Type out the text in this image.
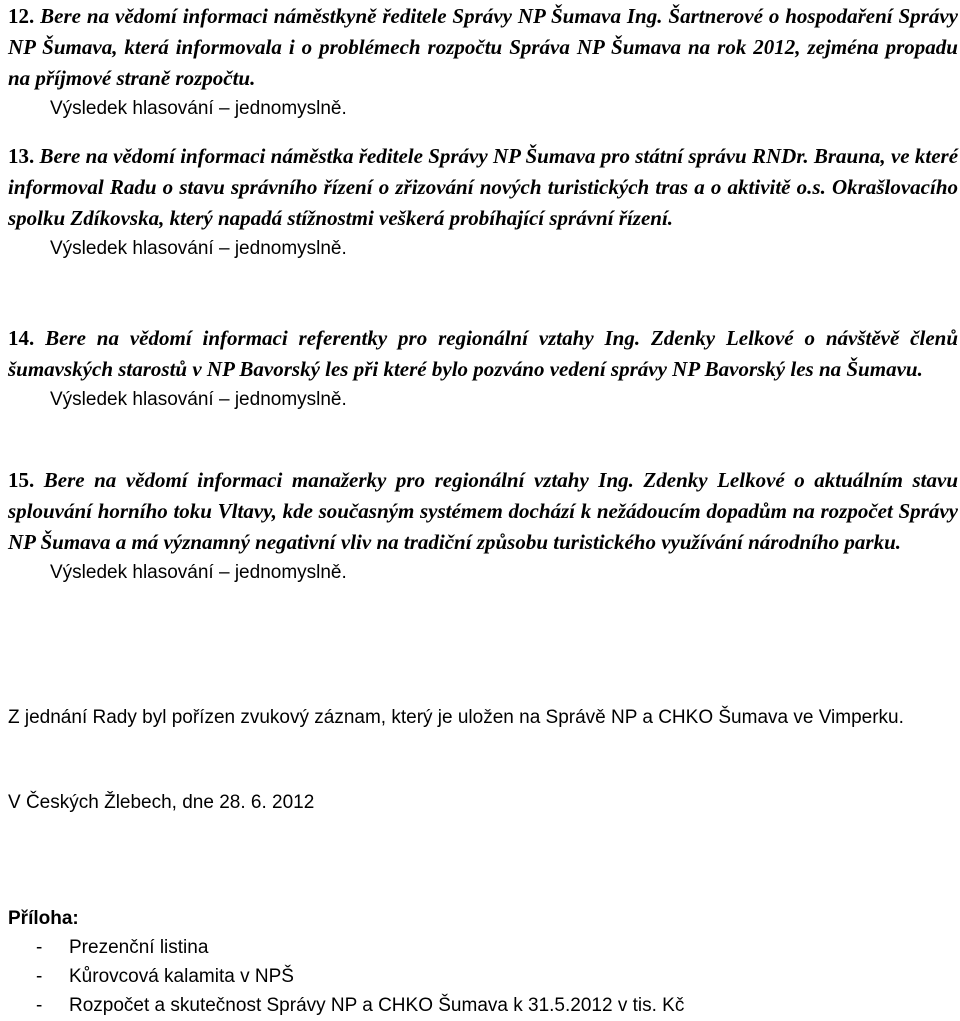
12. Bere na vědomí informaci náměstkyně ředitele Správy NP Šumava Ing. Šartnerové o hospodaření Správy NP Šumava, která informovala i o problémech rozpočtu Správa NP Šumava na rok 2012, zejména propadu na příjmové straně rozpočtu.

Výsledek hlasování – jednomyslně.

13. Bere na vědomí informaci náměstka ředitele Správy NP Šumava pro státní správu RNDr. Brauna, ve které informoval Radu o stavu správního řízení o zřizování nových turistických tras a o aktivitě o.s. Okrašlovacího spolku Zdíkovska, který napadá stížnostmi veškerá probíhající správní řízení.

Výsledek hlasování – jednomyslně.

14. Bere na vědomí informaci referentky pro regionální vztahy Ing. Zdenky Lelkové o návštěvě členů šumavských starostů v NP Bavorský les při které bylo pozváno vedení správy NP Bavorský les na Šumavu.

Výsledek hlasování – jednomyslně.

15. Bere na vědomí informaci manažerky pro regionální vztahy Ing. Zdenky Lelkové o aktuálním stavu splouvání horního toku Vltavy, kde současným systémem dochází k nežádoucím dopadům na rozpočet Správy NP Šumava a má významný negativní vliv na tradiční způsobu turistického využívání národního parku.

Výsledek hlasování – jednomyslně.

Z jednání Rady byl pořízen zvukový záznam, který je uložen na Správě NP a CHKO Šumava ve Vimperku.

V Českých Žlebech, dne 28. 6. 2012

Příloha:

-	Prezenční listina
-	Kůrovcová kalamita v NPŠ
-	Rozpočet a skutečnost Správy NP a CHKO Šumava k 31.5.2012 v tis. Kč
